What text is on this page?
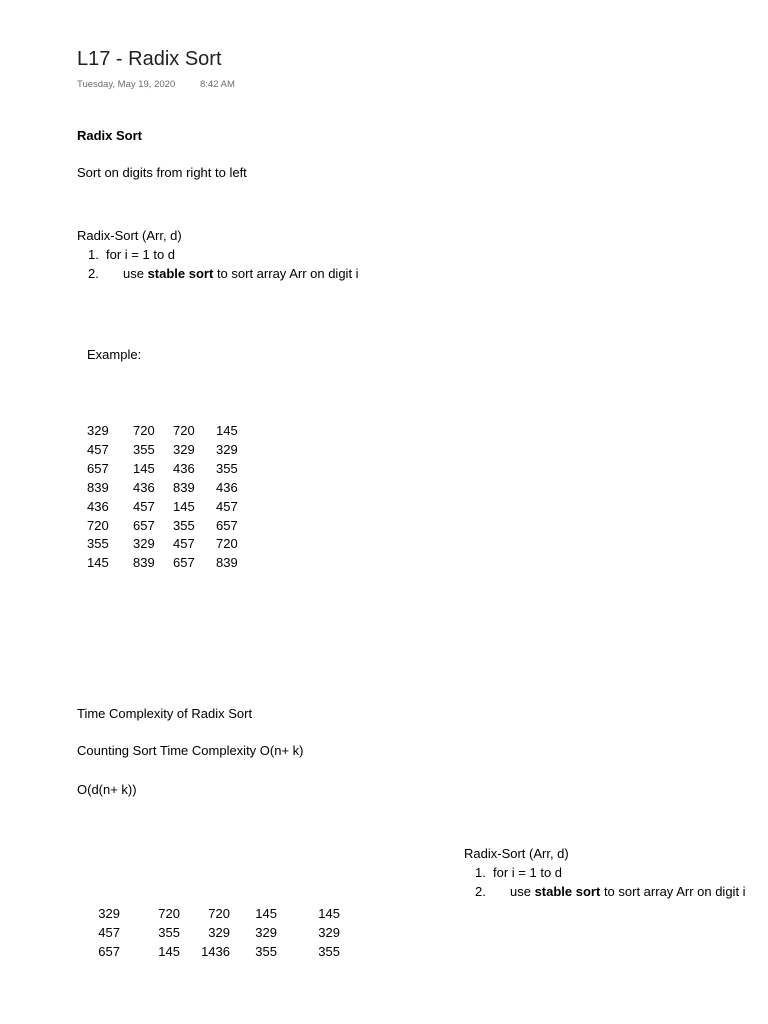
L17 - Radix Sort
Tuesday, May 19, 2020	8:42 AM
Radix Sort
Sort on digits from right to left
Radix-Sort (Arr, d)
1. for i = 1 to d
2. use stable sort to sort array Arr on digit i
Example:
329 720 720 145
457 355 329 329
657 145 436 355
839 436 839 436
436 457 145 457
720 657 355 657
355 329 457 720
145 839 657 839
Time Complexity of Radix Sort
Counting Sort Time Complexity O(n+ k)
O(d(n+ k))
Radix-Sort (Arr, d)
1. for i = 1 to d
2. use stable sort to sort array Arr on digit i
329	720	720	145	145
457	355	329	329	329
657	145	1436	355	355
